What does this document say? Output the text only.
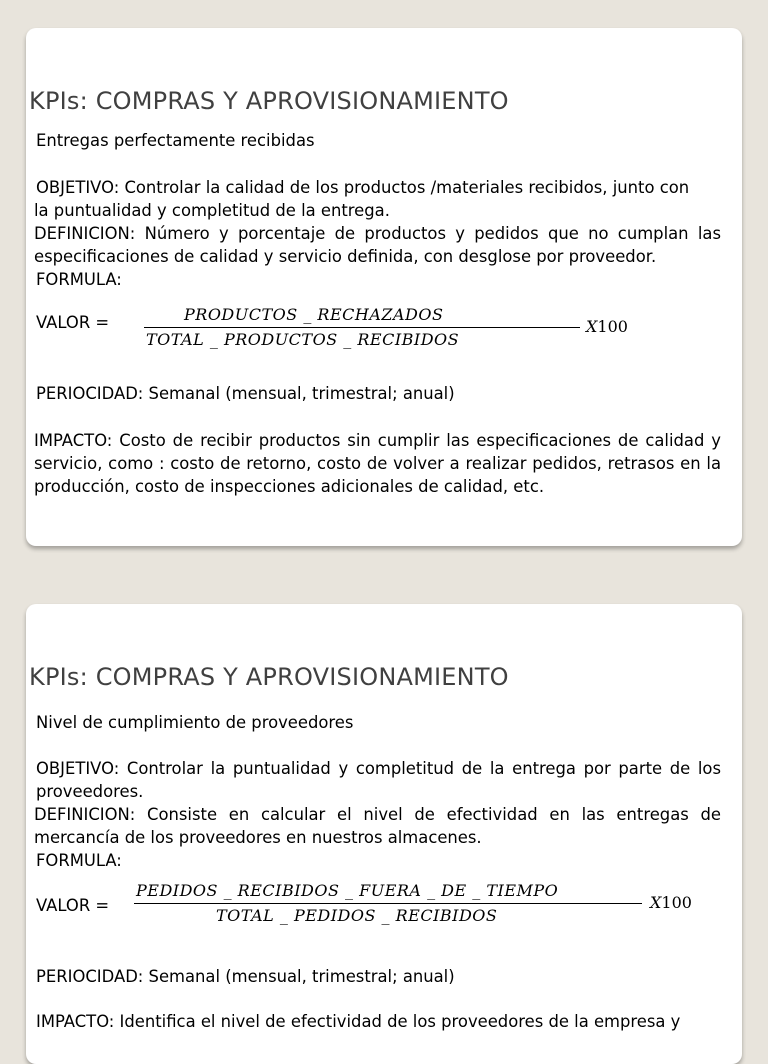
KPIs: COMPRAS Y APROVISIONAMIENTO
Entregas perfectamente recibidas
OBJETIVO: Controlar la calidad de los productos /materiales recibidos, junto con
la puntualidad y completitud de la entrega.
DEFINICION: Número y porcentaje de productos y pedidos que no cumplan las especificaciones de calidad y servicio definida, con desglose por proveedor.
FORMULA:
VALOR =	PRODUCTOS _ RECHAZADOS
TOTAL _ PRODUCTOS _ RECIBIDOS
X100
PERIOCIDAD: Semanal (mensual, trimestral; anual)
IMPACTO: Costo de recibir productos sin cumplir las especificaciones de calidad y servicio, como : costo de retorno, costo de volver a realizar pedidos, retrasos en la producción, costo de inspecciones adicionales de calidad, etc.
KPIs: COMPRAS Y APROVISIONAMIENTO
Nivel de cumplimiento de proveedores
OBJETIVO: Controlar la puntualidad y completitud de la entrega por parte de los proveedores.
DEFINICION: Consiste en calcular el nivel de efectividad en las entregas de mercancía de los proveedores en nuestros almacenes.
FORMULA:
VALOR =
PEDIDOS _ RECIBIDOS _ FUERA _ DE _ TIEMPO
TOTAL _ PEDIDOS _ RECIBIDOS
X100
PERIOCIDAD: Semanal (mensual, trimestral; anual)
IMPACTO: Identifica el nivel de efectividad de los proveedores de la empresa y
